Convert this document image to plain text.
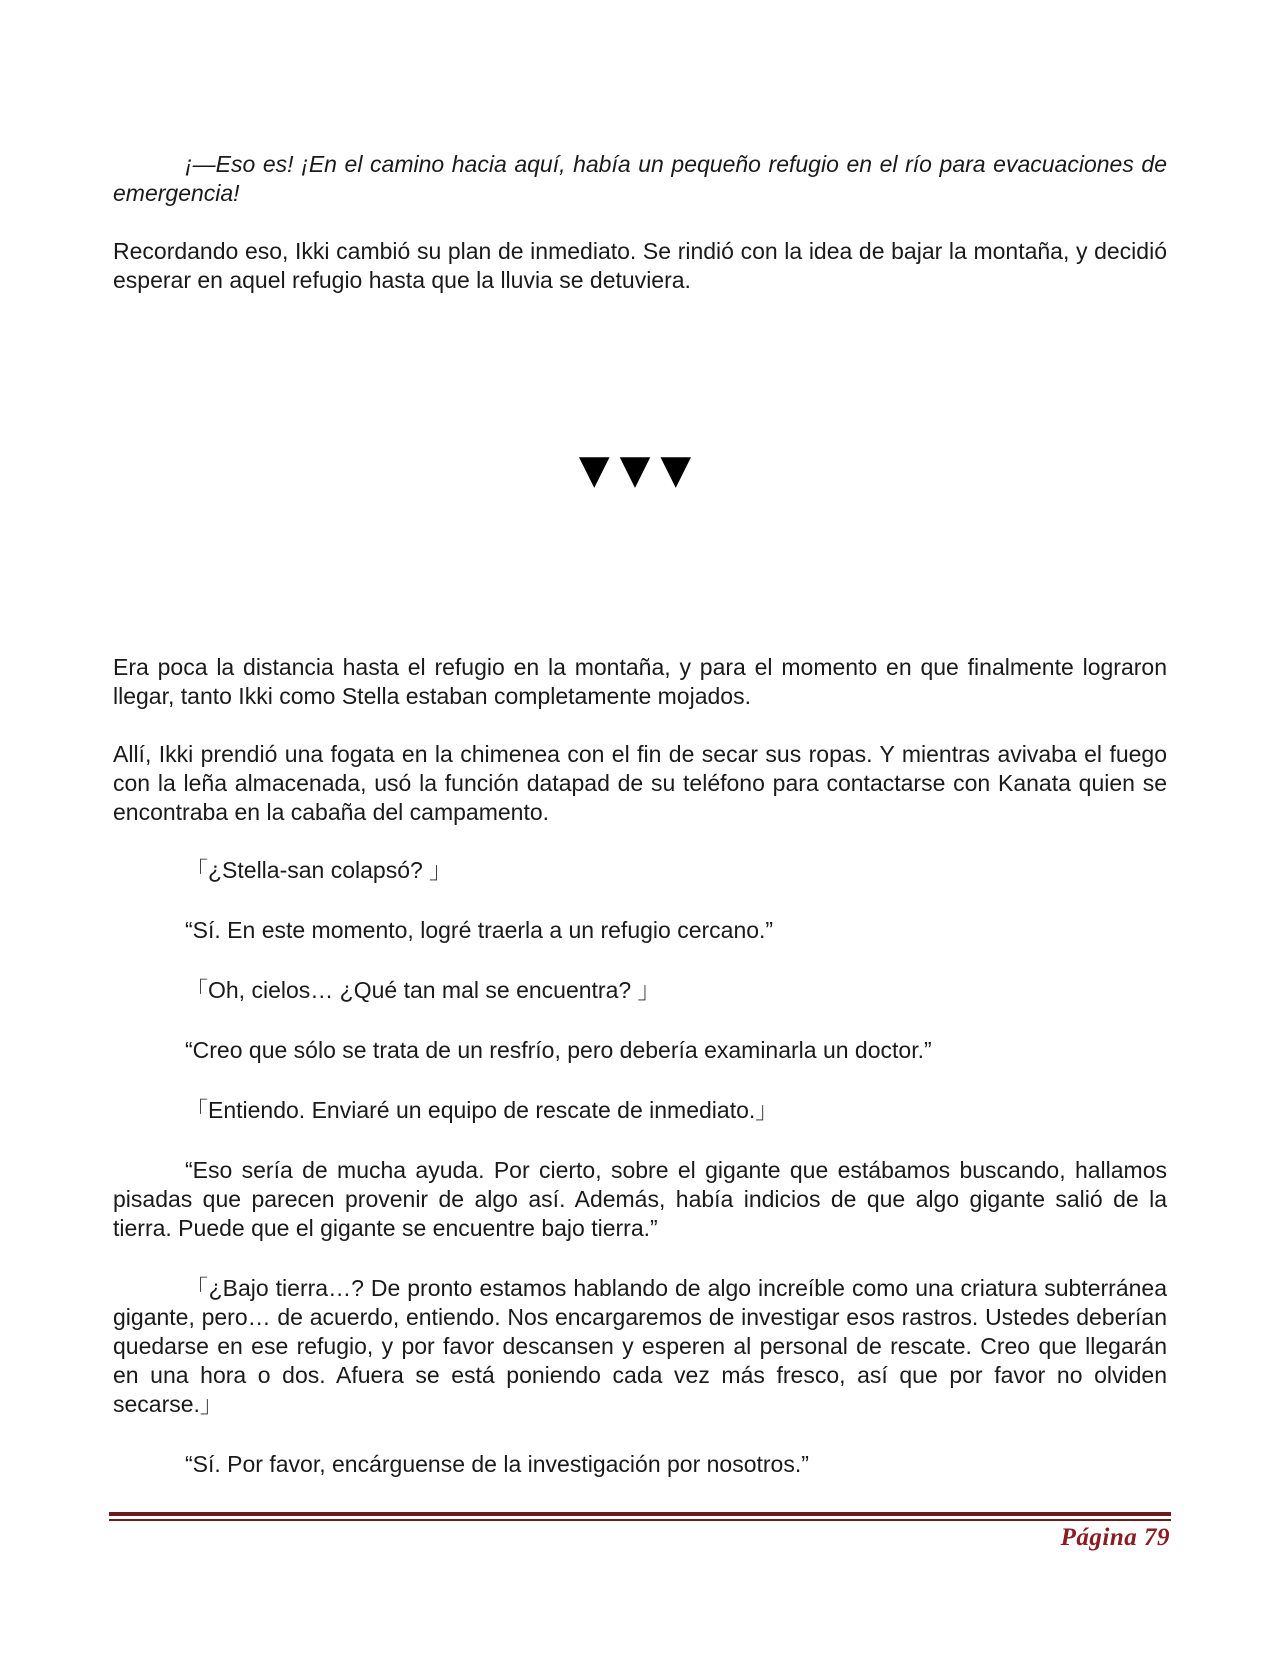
¡—Eso es! ¡En el camino hacia aquí, había un pequeño refugio en el río para evacuaciones de emergencia!

Recordando eso, Ikki cambió su plan de inmediato. Se rindió con la idea de bajar la montaña, y decidió esperar en aquel refugio hasta que la lluvia se detuviera.

▼▼▼

Era poca la distancia hasta el refugio en la montaña, y para el momento en que finalmente lograron llegar, tanto Ikki como Stella estaban completamente mojados.

Allí, Ikki prendió una fogata en la chimenea con el fin de secar sus ropas. Y mientras avivaba el fuego con la leña almacenada, usó la función datapad de su teléfono para contactarse con Kanata quien se encontraba en la cabaña del campamento.

「¿Stella-san colapsó? 」

“Sí. En este momento, logré traerla a un refugio cercano.”

「Oh, cielos… ¿Qué tan mal se encuentra? 」

“Creo que sólo se trata de un resfrío, pero debería examinarla un doctor.”

「Entiendo. Enviaré un equipo de rescate de inmediato.」

“Eso sería de mucha ayuda. Por cierto, sobre el gigante que estábamos buscando, hallamos pisadas que parecen provenir de algo así. Además, había indicios de que algo gigante salió de la tierra. Puede que el gigante se encuentre bajo tierra.”

「¿Bajo tierra…? De pronto estamos hablando de algo increíble como una criatura subterránea gigante, pero… de acuerdo, entiendo. Nos encargaremos de investigar esos rastros. Ustedes deberían quedarse en ese refugio, y por favor descansen y esperen al personal de rescate. Creo que llegarán en una hora o dos. Afuera se está poniendo cada vez más fresco, así que por favor no olviden secarse.」

“Sí. Por favor, encárguense de la investigación por nosotros.”

Página 79
